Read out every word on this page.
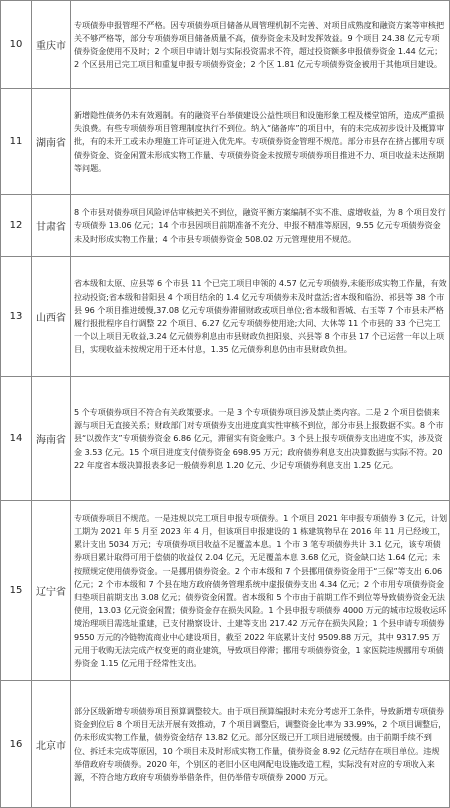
10	重庆市	专项债券申报管理不严格。因专项债券项目储备从周管理机制不完善、对项目成熟度和融资方案等审核把关不够严格等，部分专项债券项目储备质量不高，债券资金未及时发挥效益。9 个项目 24.38 亿元专项债券资金使用不及时；2 个项目申请计划与实际投资需求不符，超过投资额多申报债券资金 1.44 亿元；2 个区县用已完工项目和重复申报专项债券资金；2 个区 1.81 亿元专项债券资金被用于其他项目建设。
11	湖南省	新增隐性债务仍未有效遏制。有的融资平台举债建设公益性项目和设施形象工程及楼堂馆所，造成严重损失浪费。有些专项债券项目管理制度执行不到位。纳入“储备库”的项目中，有的未完成初步设计及概算审批，有的未开工或未办理施工许可证进入优先库。专项债券资金管理不规范。部分市县存在挤占挪用专项债券资金、资金闲置未形成实物工作量、专项债券资金未按照专项债券项目推进不力、项目收益未达预期等问题。
12	甘肃省	8 个市县对债券项目风险评估审核把关不到位，融资平衡方案编制不实不准、虚增收益，为 8 个项目发行专项债券 13.06 亿元；14 个市县因项目前期准备不充分、申报不精准等原因，9.55 亿元专项债券资金未及时形成实物工作量；4 个市县专项债券资金 508.02 万元管理使用不规范。
13	山西省	省本级和太原、应县等 6 个市县 11 个已完工项目申领的 4.57 亿元专项债券,未能形成实物工作量，有效拉动投资;省本级和昔阳县 4 个项目结余的 1.4 亿元专项债券未及时盘活;省本级和临汾、祁县等 38 个市县 96 个项目推进缓慢,37.08 亿元专项债券滞留财政或项目单位;省本级和晋城、右玉等 7 个市县未严格履行报批程序自行调整 22 个项目、6.27 亿元专项债券使用途;大同、大休等 11 个市县的 33 个已完工一个以上项目无收益,3.24 亿元债券利息由市县财政负担阳泉、兴县等 8 个市县 17 个已运营一年以上项目，实现收益未按规定用于还本付息，1.35 亿元债券利息仍由市县财政负担。
14	海南省	5 个专项债券项目不符合有关政策要求。一是 3 个专项债券项目涉及禁止类内容。二是 2 个项目偿债来源与项目无直接关系；财政部门对专项债券支出进度真实性审核不到位，部分市县上报数据不实。8 个市县“以拨作支”专项债券资金 6.86 亿元，滞留实有资金账户。3 个县上报专项债券支出进度不实，涉及资金 3.53 亿元。15 个项目进度支付债券资金 698.95 万元；政府债券利息支出决算数据与实际不符。2022 年度省本级决算报表多记一般债券利息 1.20 亿元、少记专项债券利息支出 1.25 亿元。
15	辽宁省	专项债券项目不规范。一是违规以完工项目申报专项债券。1 个项目 2021 年申报专项债券 3 亿元，计划工期为 2021 年 5 月至 2023 年 4 月，但该项目申报建设的 1 栋建筑物早在 2016 年 11 月已经竣工，累计支出 5034 万元；专项债券项目收益不足覆盖本息。1 个市 3 笔专项债券共计 3.1 亿元，该专项债券项目累计取得可用于偿债的收益仅 2.04 亿元，无足覆盖本息 3.68 亿元，资金缺口达 1.64 亿元；未按照规定使用债券资金。一是挪用债券资金。2 个市本级和 7 个县挪用债券资金用于“三保”等支出 6.06 亿元；2 个市本级和 7 个县在地方政府债务管理系统中虚报债券支出 4.34 亿元；2 个市用专项债券资金归垫项目前期支出 3.08 亿元；债券资金闲置。省本级和 5 个市由于前期工作不到位等导致债券资金无法使用，13.03 亿元资金闲置；债券资金存在损失风险。1 个县申报专项债券 4000 万元的城市垃圾收运环境治理项目需选址重建，已支付勘察设计、土建等支出 217.42 万元存在损失风险；1 个县申请专项债券 9550 万元的冷链物流商业中心建设项目，截至 2022 年底累计支付 9509.88 万元，其中 9317.95 万元用于收购无法完成产权变更的商业建筑，导致项目停滞；挪用专项债券资金，1 家医院违规挪用专项债券资金 1.15 亿元用于经常性支出。
16	北京市	部分区级新增专项债券项目预算调整较大。由于项目预算编报时未充分考虑开工条件，导致新增专项债券资金到位后 8 个项目无法开展有效推动，7 个项目调整后，调整资金比率为 33.99%，2 个项目调整后，仍未形成实物工作量，债券资金结存 13.82 亿元。部分区级已开工项目进展缓慢。由于前期手续不到位、拆迁未完成等原因，10 个项目未及时形成实物工作量，债券资金 8.92 亿元结存在项目单位。违规举借政府专项债券。2020 年，个别区的老旧小区电网配电设施改造工程，实际没有对应的专项收入来源，不符合地方政府专项债券举借条件，但仍举借专项债券 2000 万元。
